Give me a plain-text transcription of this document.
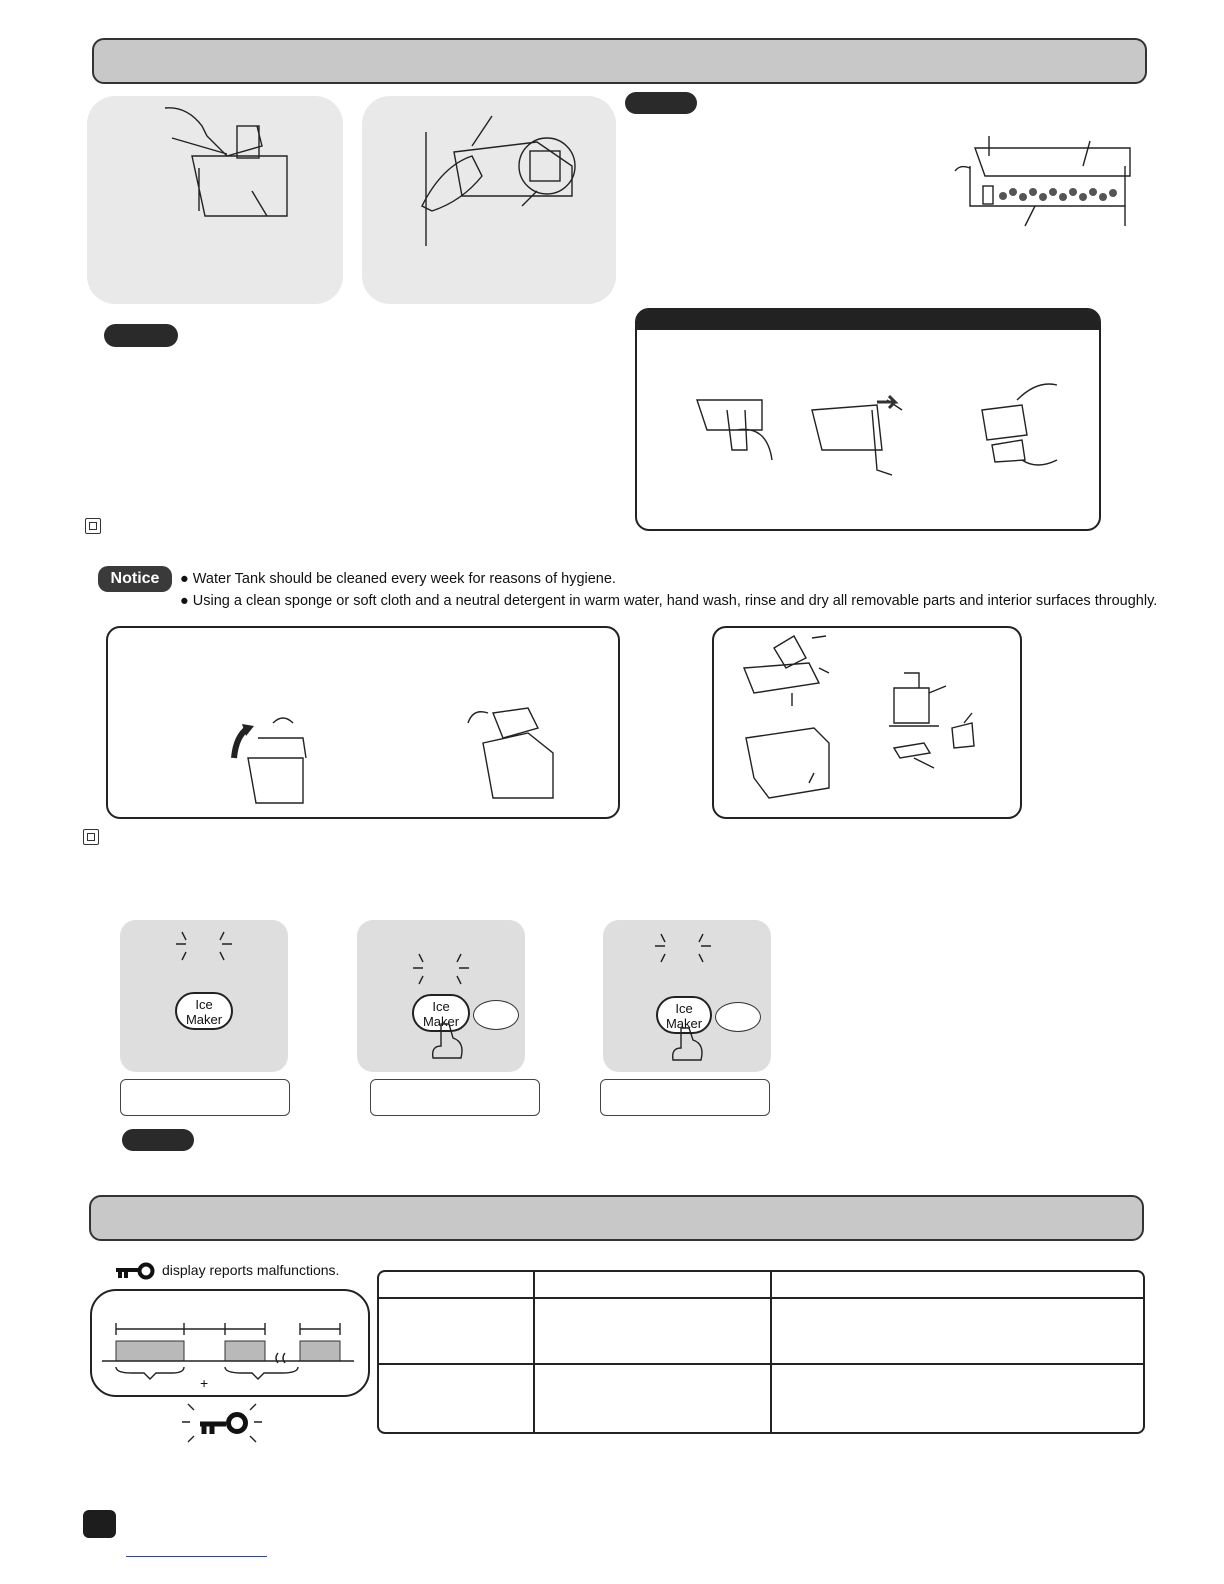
Notice	● Water Tank should be cleaned every week for reasons of hygiene.
● Using a clean sponge or soft cloth and a neutral detergent in warm water, hand wash, rinse and dry all removable parts and interior surfaces throughly.
Ice
Maker
Ice
Maker
Ice
Maker
display reports malfunctions.
+
